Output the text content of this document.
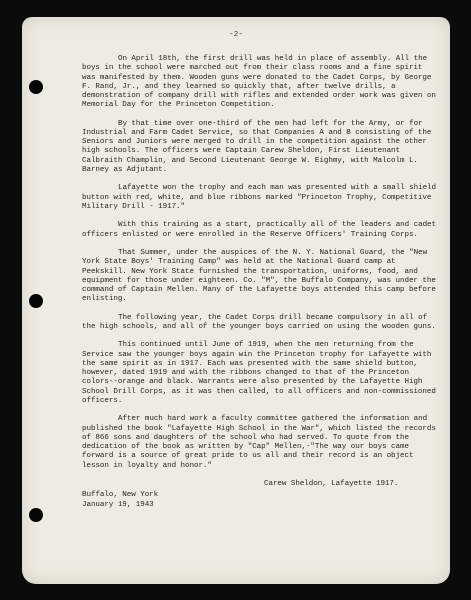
-2-

On April 18th, the first drill was held in place of assembly. All the boys in the school were marched out from their class rooms and a fine spirit was manifested by them. Wooden guns were donated to the Cadet Corps, by George F. Rand, Jr., and they learned so quickly that, after twelve drills, a demonstration of company drill with rifles and extended order work was given on Memorial Day for the Princeton Competition.

By that time over one-third of the men had left for the Army, or for Industrial and Farm Cadet Service, so that Companies A and B consisting of the Seniors and Juniors were merged to drill in the competition against the other high schools. The officers were Captain Carew Sheldon, First Lieutenant Calbraith Champlin, and Second Lieutenant George W. Eighmy, with Malcolm L. Barney as Adjutant.

Lafayette won the trophy and each man was presented with a small shield button with red, white, and blue ribbons marked "Princeton Trophy, Competitive Military Drill - 1917."

With this training as a start, practically all of the leaders and cadet officers enlisted or were enrolled in the Reserve Officers' Training Corps.

That Summer, under the auspices of the N. Y. National Guard, the "New York State Boys' Training Camp" was held at the National Guard camp at Peekskill. New York State furnished the transportation, uniforms, food, and equipment for those under eighteen. Co. "M", the Buffalo Company, was under the command of Captain Mellen. Many of the Lafayette boys attended this camp before enlisting.

The following year, the Cadet Corps drill became compulsory in all of the high schools, and all of the younger boys carried on using the wooden guns.

This continued until June of 1919, when the men returning from the Service saw the younger boys again win the Princeton trophy for Lafayette with the same spirit as in 1917. Each was presented with the same shield button, however, dated 1919 and with the ribbons changed to that of the Princeton colors--orange and black. Warrants were also presented by the Lafayette High School Drill Corps, as it was then called, to all officers and non-commissioned officers.

After much hard work a faculty committee gathered the information and published the book "Lafayette High School in the War", which listed the records of 866 sons and daughters of the school who had served. To quote from the dedication of the book as written by "Cap" Mellen,-"The way our boys came forward is a source of great pride to us all and their record is an object lesson in loyalty and honor."

Carew Sheldon, Lafayette 1917.

Buffalo, New York

January 19, 1943
